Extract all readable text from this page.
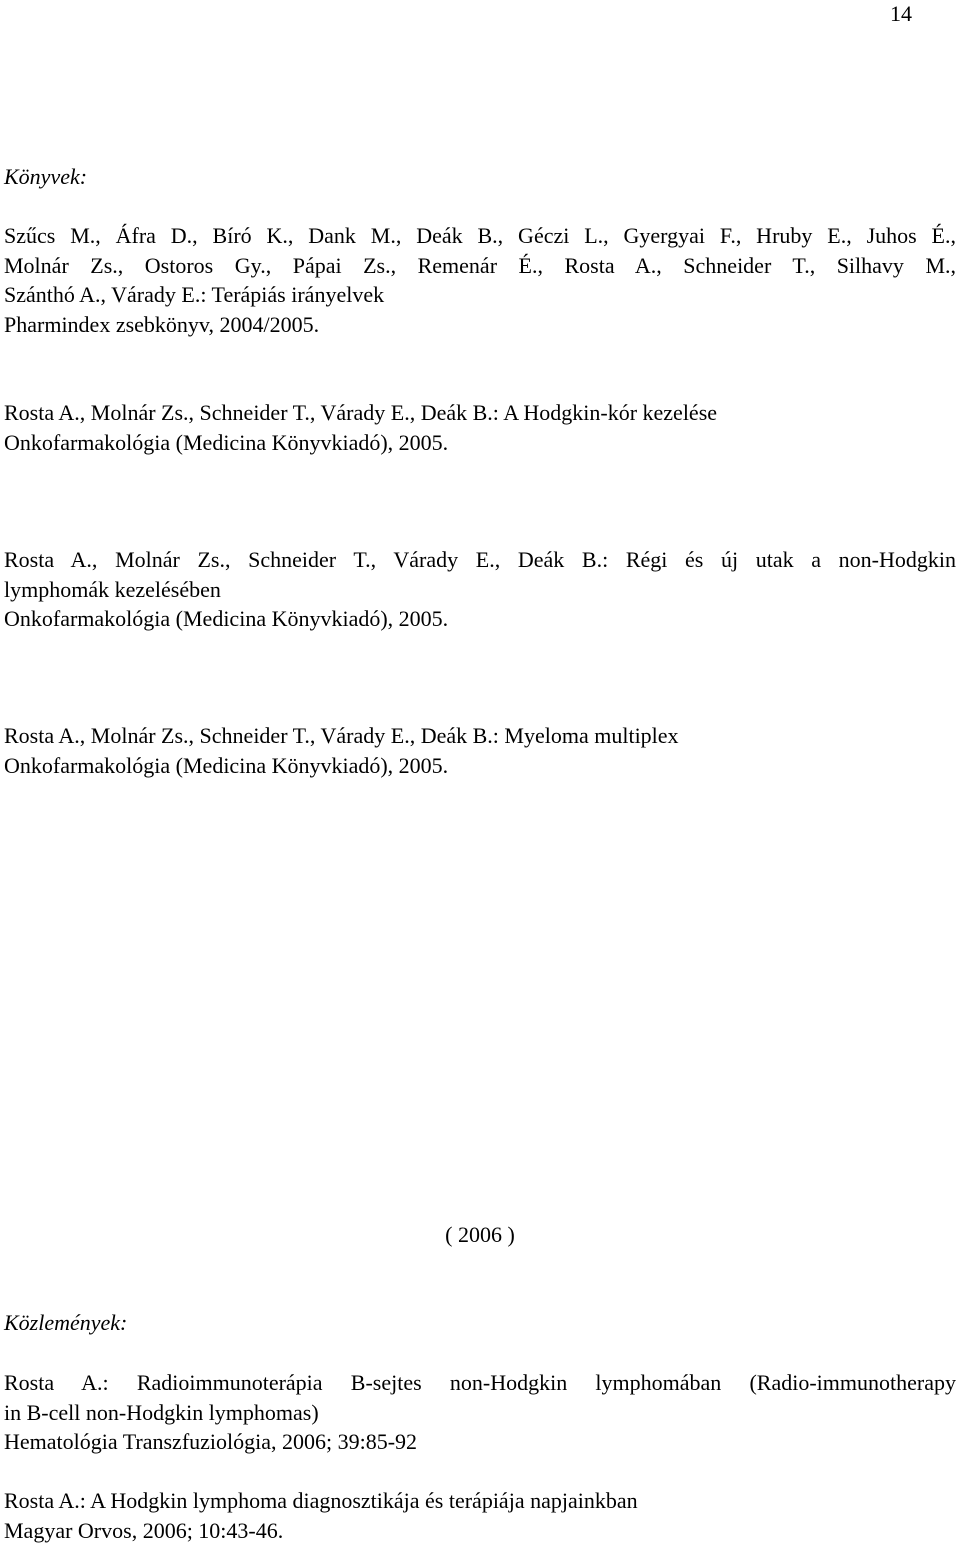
14
Könyvek:
Szűcs M., Áfra D., Bíró K., Dank M., Deák B., Géczi L., Gyergyai F., Hruby E., Juhos É.,
Molnár Zs., Ostoros Gy., Pápai Zs., Remenár É., Rosta A., Schneider T., Silhavy M.,
Szánthó A., Várady E.: Terápiás irányelvek
Pharmindex zsebkönyv, 2004/2005.
Rosta A., Molnár Zs., Schneider T., Várady E., Deák B.: A Hodgkin-kór kezelése
Onkofarmakológia (Medicina Könyvkiadó), 2005.
Rosta A., Molnár Zs., Schneider T., Várady E., Deák B.: Régi és új utak a non-Hodgkin
lymphomák kezelésében
Onkofarmakológia (Medicina Könyvkiadó), 2005.
Rosta A., Molnár Zs., Schneider T., Várady E., Deák B.: Myeloma multiplex
Onkofarmakológia (Medicina Könyvkiadó), 2005.
( 2006 )
Közlemények:
Rosta A.: Radioimmunoterápia B-sejtes non-Hodgkin lymphomában (Radio-immunotherapy
in B-cell non-Hodgkin lymphomas)
Hematológia Transzfuziológia, 2006; 39:85-92
Rosta A.: A Hodgkin lymphoma diagnosztikája és terápiája napjainkban
Magyar Orvos, 2006; 10:43-46.
